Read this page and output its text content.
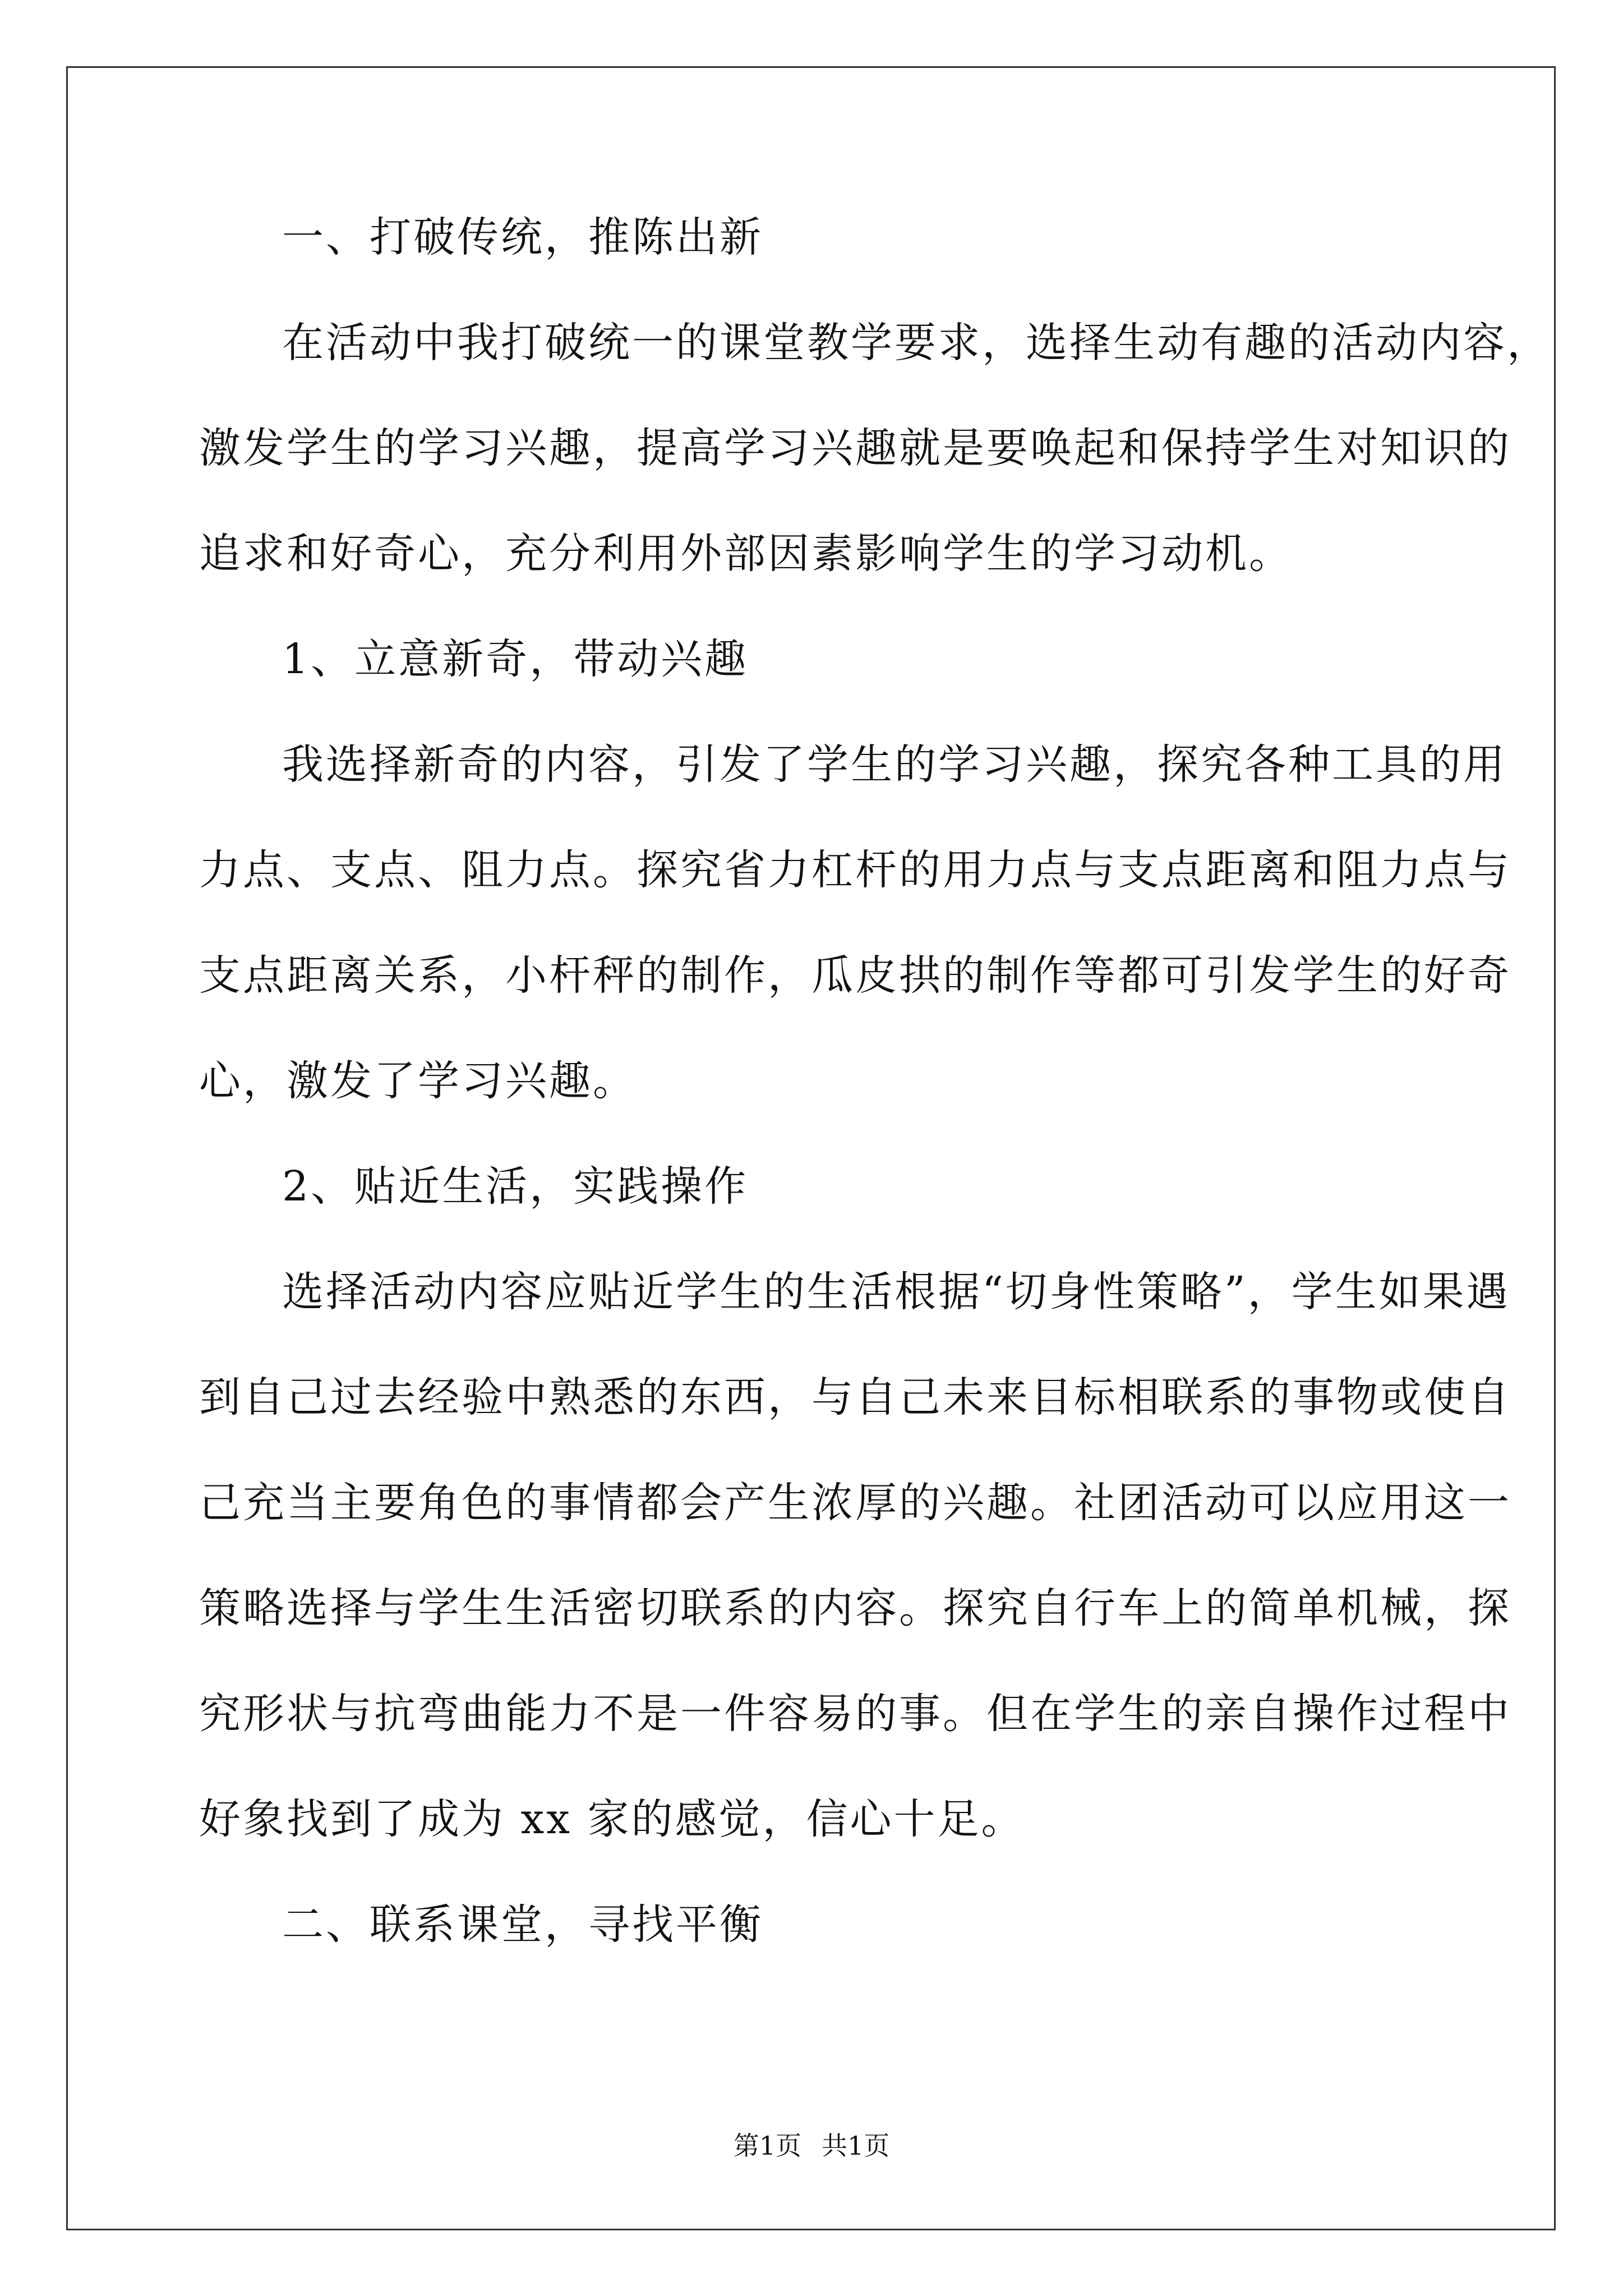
一、打破传统，推陈出新
在活动中我打破统一的课堂教学要求，选择生动有趣的活动内容，
激发学生的学习兴趣，提高学习兴趣就是要唤起和保持学生对知识的
追求和好奇心，充分利用外部因素影响学生的学习动机。
1、立意新奇，带动兴趣
我选择新奇的内容，引发了学生的学习兴趣，探究各种工具的用
力点、支点、阻力点。探究省力杠杆的用力点与支点距离和阻力点与
支点距离关系，小杆秤的制作，瓜皮拱的制作等都可引发学生的好奇
心，激发了学习兴趣。
2、贴近生活，实践操作
选择活动内容应贴近学生的生活根据“切身性策略”，学生如果遇
到自己过去经验中熟悉的东西，与自己未来目标相联系的事物或使自
己充当主要角色的事情都会产生浓厚的兴趣。社团活动可以应用这一
策略选择与学生生活密切联系的内容。探究自行车上的简单机械，探
究形状与抗弯曲能力不是一件容易的事。但在学生的亲自操作过程中
好象找到了成为 xx 家的感觉，信心十足。
二、联系课堂，寻找平衡
第1页 共1页
